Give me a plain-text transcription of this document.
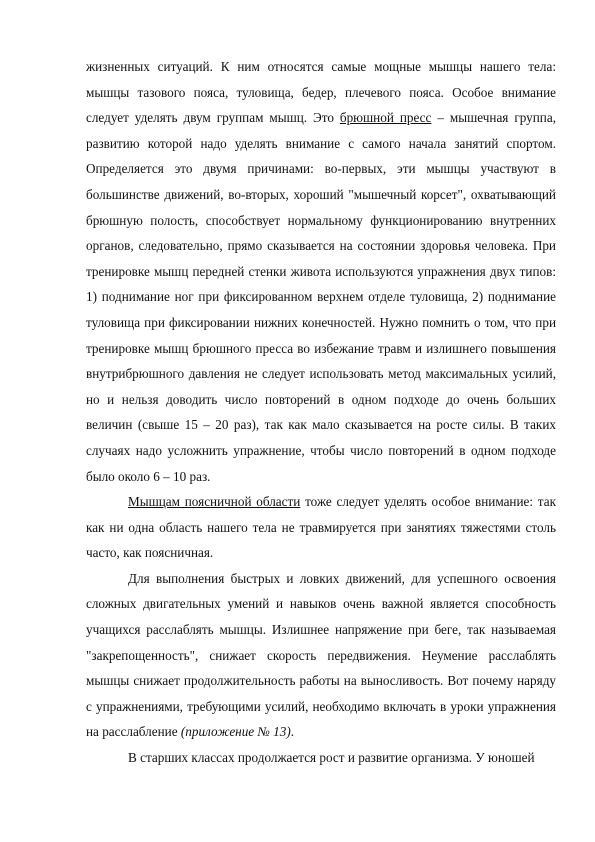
жизненных ситуаций. К ним относятся самые мощные мышцы нашего тела: мышцы тазового пояса, туловища, бедер, плечевого пояса. Особое внимание следует уделять двум группам мышц. Это брюшной пресс – мышечная группа, развитию которой надо уделять внимание с самого начала занятий спортом. Определяется это двумя причинами: во-первых, эти мышцы участвуют в большинстве движений, во-вторых, хороший "мышечный корсет", охватывающий брюшную полость, способствует нормальному функционированию внутренних органов, следовательно, прямо сказывается на состоянии здоровья человека. При тренировке мышц передней стенки живота используются упражнения двух типов: 1) поднимание ног при фиксированном верхнем отделе туловища, 2) поднимание туловища при фиксировании нижних конечностей. Нужно помнить о том, что при тренировке мышц брюшного пресса во избежание травм и излишнего повышения внутрибрюшного давления не следует использовать метод максимальных усилий, но и нельзя доводить число повторений в одном подходе до очень больших величин (свыше 15 – 20 раз), так как мало сказывается на росте силы. В таких случаях надо усложнить упражнение, чтобы число повторений в одном подходе было около 6 – 10 раз.

Мышцам поясничной области тоже следует уделять особое внимание: так как ни одна область нашего тела не травмируется при занятиях тяжестями столь часто, как поясничная.

Для выполнения быстрых и ловких движений, для успешного освоения сложных двигательных умений и навыков очень важной является способность учащихся расслаблять мышцы. Излишнее напряжение при беге, так называемая "закрепощенность", снижает скорость передвижения. Неумение расслаблять мышцы снижает продолжительность работы на выносливость. Вот почему наряду с упражнениями, требующими усилий, необходимо включать в уроки упражнения на расслабление (приложение № 13).

В старших классах продолжается рост и развитие организма. У юношей
